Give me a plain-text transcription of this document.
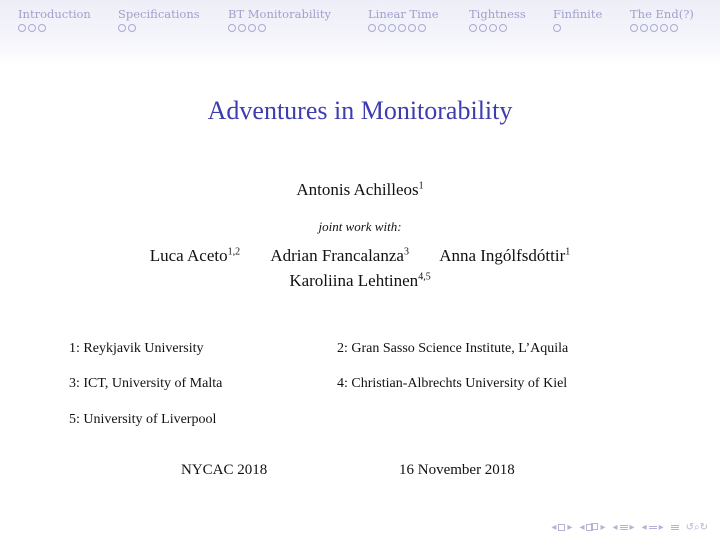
Introduction Specifications BT Monitorability	Linear Time	Tightness Finfinite The End(?)
Adventures in Monitorability
Antonis Achilleos$^1$
joint work with:
Luca Aceto$^{1,2}$ Adrian Francalanza$^3$ Anna Ingólfsdóttir$^1$
Karoliina Lehtinen$^{4,5}$
1: Reykjavik University	2: Gran Sasso Science Institute, L’Aquila
3: ICT, University of Malta	4: Christian-Albrechts University of Kiel
5: University of Liverpool
NYCAC 2018	16 November 2018
◂ ▸ ◂ ▸ ◂ ▸ ◂ ▸ ↺⌕↻
